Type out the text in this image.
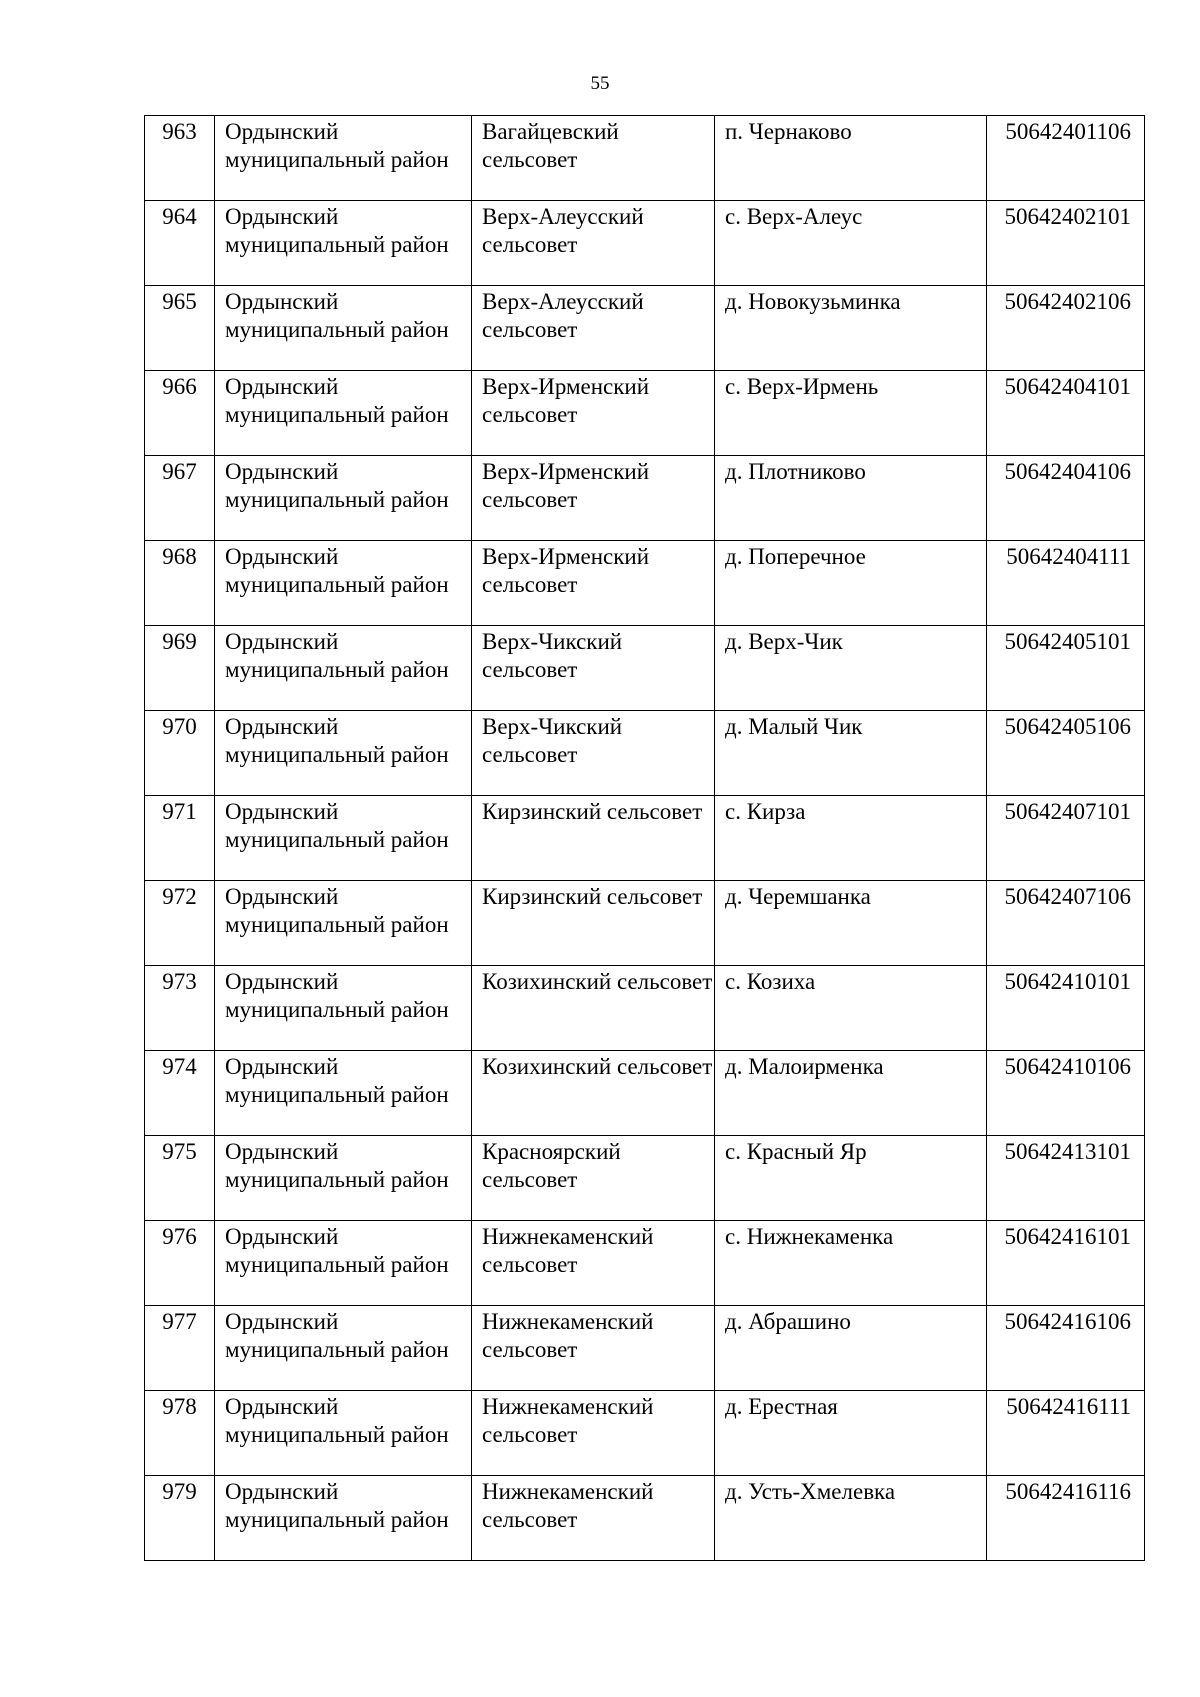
55
963	Ордынский муниципальный район	Вагайцевский сельсовет	п. Чернаково	50642401106
964	Ордынский муниципальный район	Верх-Алеусский сельсовет	с. Верх-Алеус	50642402101
965	Ордынский муниципальный район	Верх-Алеусский сельсовет	д. Новокузьминка	50642402106
966	Ордынский муниципальный район	Верх-Ирменский сельсовет	с. Верх-Ирмень	50642404101
967	Ордынский муниципальный район	Верх-Ирменский сельсовет	д. Плотниково	50642404106
968	Ордынский муниципальный район	Верх-Ирменский сельсовет	д. Поперечное	50642404111
969	Ордынский муниципальный район	Верх-Чикский сельсовет	д. Верх-Чик	50642405101
970	Ордынский муниципальный район	Верх-Чикский сельсовет	д. Малый Чик	50642405106
971	Ордынский муниципальный район	Кирзинский сельсовет	с. Кирза	50642407101
972	Ордынский муниципальный район	Кирзинский сельсовет	д. Черемшанка	50642407106
973	Ордынский муниципальный район	Козихинский сельсовет	с. Козиха	50642410101
974	Ордынский муниципальный район	Козихинский сельсовет	д. Малоирменка	50642410106
975	Ордынский муниципальный район	Красноярский сельсовет	с. Красный Яр	50642413101
976	Ордынский муниципальный район	Нижнекаменский сельсовет	с. Нижнекаменка	50642416101
977	Ордынский муниципальный район	Нижнекаменский сельсовет	д. Абрашино	50642416106
978	Ордынский муниципальный район	Нижнекаменский сельсовет	д. Ерестная	50642416111
979	Ордынский муниципальный район	Нижнекаменский сельсовет	д. Усть-Хмелевка	50642416116
